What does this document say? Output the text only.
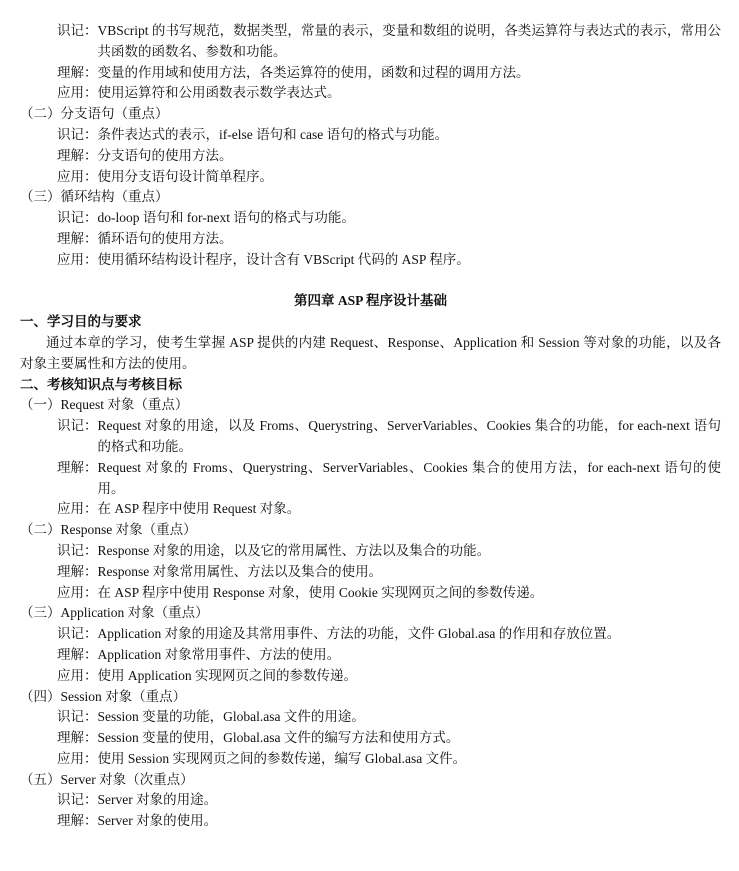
识记： VBScript 的书写规范，数据类型，常量的表示，变量和数组的说明，各类运算符与表达式的表示，常用公共函数的函数名、参数和功能。
理解： 变量的作用域和使用方法，各类运算符的使用，函数和过程的调用方法。
应用： 使用运算符和公用函数表示数学表达式。
（二）分支语句（重点）
识记： 条件表达式的表示，if-else 语句和 case 语句的格式与功能。
理解： 分支语句的使用方法。
应用： 使用分支语句设计简单程序。
（三）循环结构（重点）
识记： do-loop 语句和 for-next 语句的格式与功能。
理解： 循环语句的使用方法。
应用： 使用循环结构设计程序，设计含有 VBScript 代码的 ASP 程序。
第四章 ASP 程序设计基础
一、学习目的与要求
通过本章的学习，使考生掌握 ASP 提供的内建 Request、Response、Application 和 Session 等对象的功能，以及各对象主要属性和方法的使用。
二、考核知识点与考核目标
（一）Request 对象（重点）
识记： Request 对象的用途，以及 Froms、Querystring、ServerVariables、Cookies 集合的功能，for each-next 语句的格式和功能。
理解： Request 对象的 Froms、Querystring、ServerVariables、Cookies 集合的使用方法，for each-next 语句的使用。
应用： 在 ASP 程序中使用 Request 对象。
（二）Response 对象（重点）
识记： Response 对象的用途，以及它的常用属性、方法以及集合的功能。
理解： Response 对象常用属性、方法以及集合的使用。
应用： 在 ASP 程序中使用 Response 对象，使用 Cookie 实现网页之间的参数传递。
（三）Application 对象（重点）
识记： Application 对象的用途及其常用事件、方法的功能，文件 Global.asa 的作用和存放位置。
理解： Application 对象常用事件、方法的使用。
应用： 使用 Application 实现网页之间的参数传递。
（四）Session 对象（重点）
识记： Session 变量的功能，Global.asa 文件的用途。
理解： Session 变量的使用，Global.asa 文件的编写方法和使用方式。
应用： 使用 Session 实现网页之间的参数传递，编写 Global.asa 文件。
（五）Server 对象（次重点）
识记： Server 对象的用途。
理解： Server 对象的使用。
